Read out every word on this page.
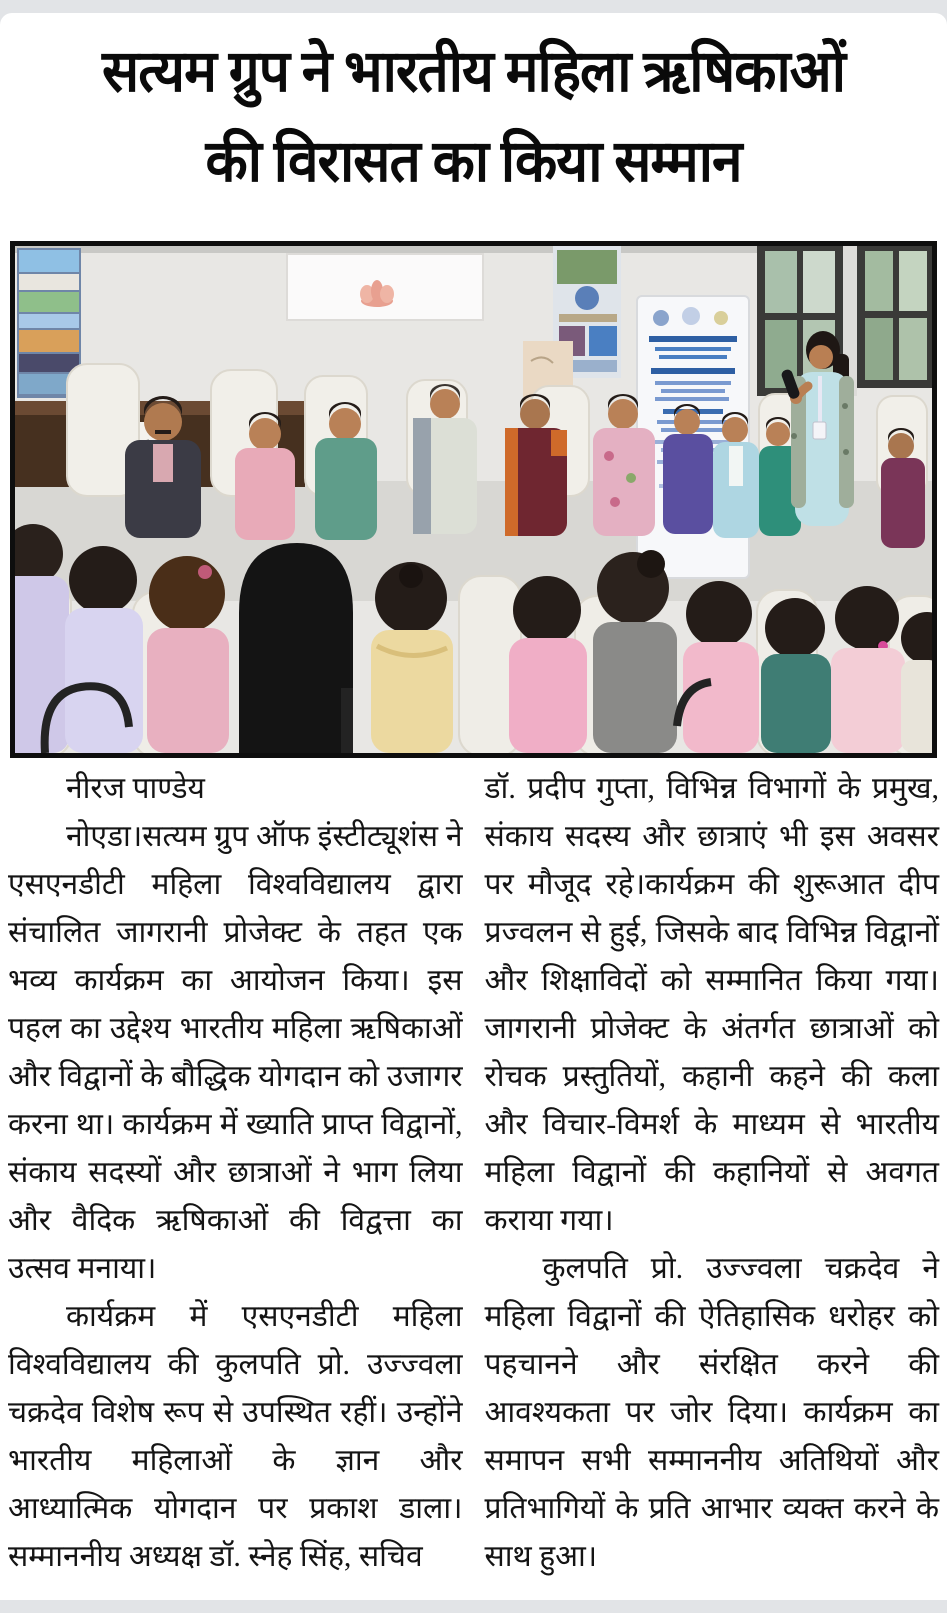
सत्यम ग्रुप ने भारतीय महिला ऋषिकाओं
की विरासत का किया सम्मान

नीरज पाण्डेय

नोएडा।सत्यम ग्रुप ऑफ इंस्टीट्यूशंस ने एसएनडीटी महिला विश्वविद्यालय द्वारा संचालित जागरानी प्रोजेक्ट के तहत एक भव्य कार्यक्रम का आयोजन किया। इस पहल का उद्देश्य भारतीय महिला ऋषिकाओं और विद्वानों के बौद्धिक योगदान को उजागर करना था। कार्यक्रम में ख्याति प्राप्त विद्वानों, संकाय सदस्यों और छात्राओं ने भाग लिया और वैदिक ऋषिकाओं की विद्वत्ता का उत्सव मनाया।

कार्यक्रम में एसएनडीटी महिला विश्वविद्यालय की कुलपति प्रो. उज्ज्वला चक्रदेव विशेष रूप से उपस्थित रहीं। उन्होंने भारतीय महिलाओं के ज्ञान और आध्यात्मिक योगदान पर प्रकाश डाला। सम्माननीय अध्यक्ष डॉ. स्नेह सिंह, सचिव

डॉ. प्रदीप गुप्ता, विभिन्न विभागों के प्रमुख, संकाय सदस्य और छात्राएं भी इस अवसर पर मौजूद रहे।कार्यक्रम की शुरूआत दीप प्रज्वलन से हुई, जिसके बाद विभिन्न विद्वानों और शिक्षाविदों को सम्मानित किया गया। जागरानी प्रोजेक्ट के अंतर्गत छात्राओं को रोचक प्रस्तुतियों, कहानी कहने की कला और विचार-विमर्श के माध्यम से भारतीय महिला विद्वानों की कहानियों से अवगत कराया गया।

कुलपति प्रो. उज्ज्वला चक्रदेव ने महिला विद्वानों की ऐतिहासिक धरोहर को पहचानने और संरक्षित करने की आवश्यकता पर जोर दिया। कार्यक्रम का समापन सभी सम्माननीय अतिथियों और प्रतिभागियों के प्रति आभार व्यक्त करने के साथ हुआ।
